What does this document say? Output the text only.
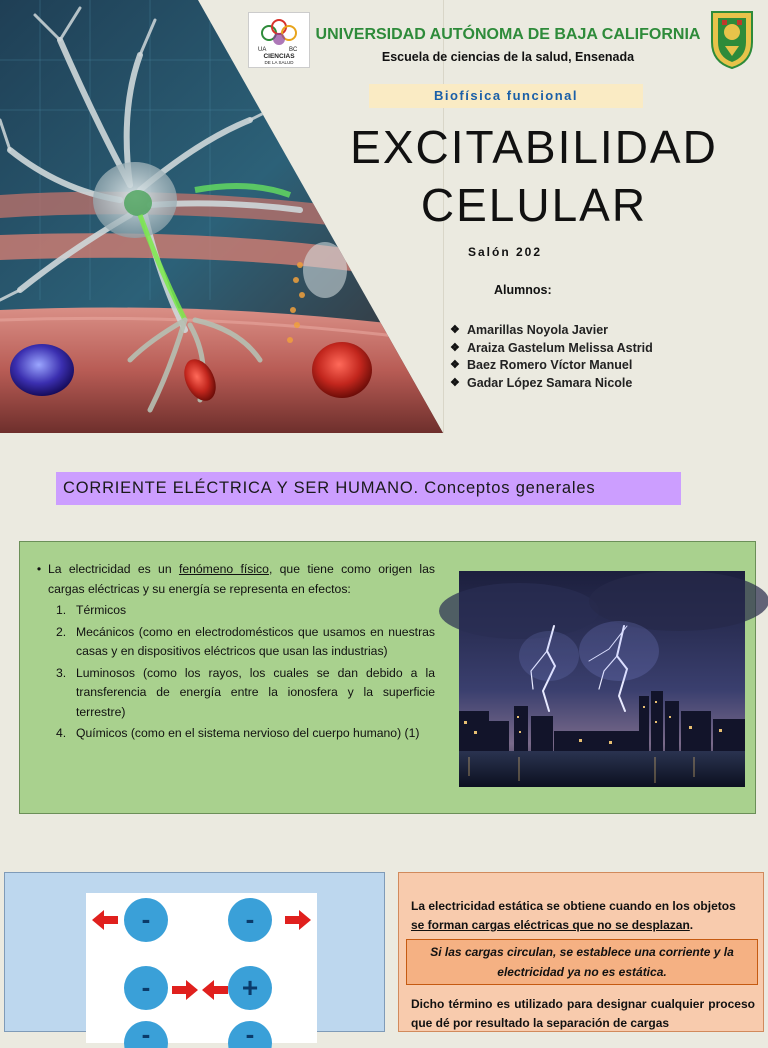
UA	BC
CIENCIAS
DE LA SALUD
UNIVERSIDAD AUTÓNOMA DE BAJA CALIFORNIA
Escuela de ciencias de la salud, Ensenada
Biofísica funcional
EXCITABILIDAD
CELULAR
Salón 202
Alumnos:
❖ Amarillas Noyola Javier
❖ Araiza Gastelum Melissa Astrid
❖ Baez Romero Víctor Manuel
❖ Gadar López Samara Nicole
CORRIENTE ELÉCTRICA Y SER HUMANO. Conceptos generales
• La electricidad es un fenómeno físico, que tiene como origen las cargas eléctricas y su energía se representa en efectos:
1. Térmicos
2. Mecánicos (como en electrodomésticos que usamos en nuestras casas y en dispositivos eléctricos que usan las industrias)
3. Luminosos (como los rayos, los cuales se dan debido a la transferencia de energía entre la ionosfera y la superficie terrestre)
4. Químicos (como en el sistema nervioso del cuerpo humano) (1)
-	-
-	+
-	-
La electricidad estática se obtiene cuando en los objetos se forman cargas eléctricas que no se desplazan.
Si las cargas circulan, se establece una corriente y la electricidad ya no es estática.
Dicho término es utilizado para designar cualquier proceso que dé por resultado la separación de cargas
